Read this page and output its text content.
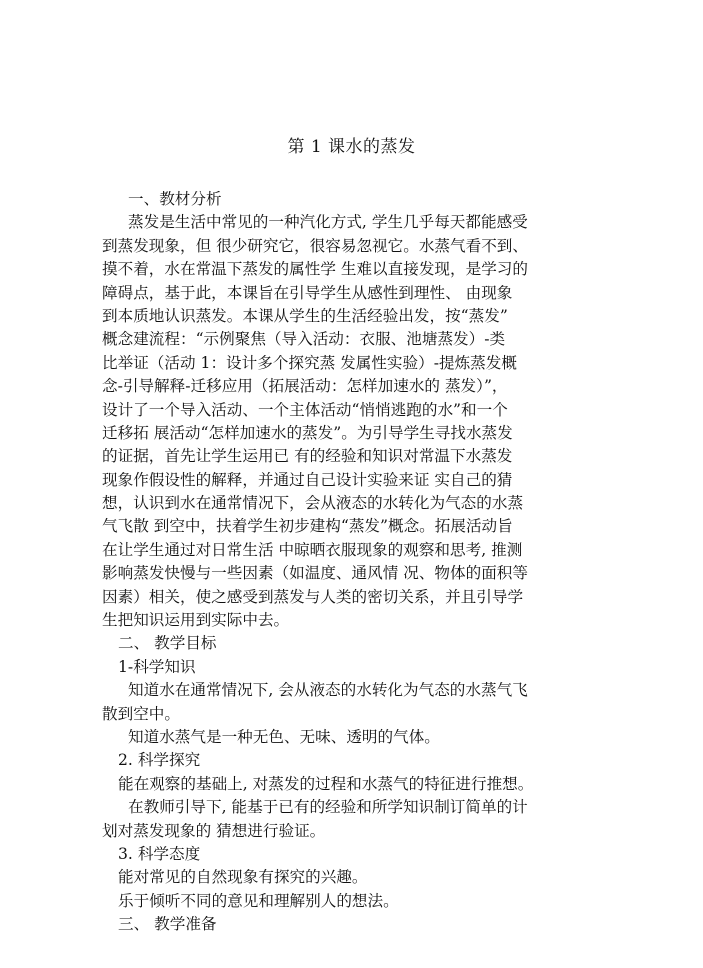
第 1 课水的蒸发
一、教材分析
蒸发是生活中常见的一种汽化方式, 学生几乎每天都能感受
到蒸发现象，但 很少研究它，很容易忽视它。水蒸气看不到、
摸不着，水在常温下蒸发的属性学 生难以直接发现，是学习的
障碍点，基于此，本课旨在引导学生从感性到理性、 由现象
到本质地认识蒸发。本课从学生的生活经验出发，按“蒸发”
概念建流程：“示例聚焦（导入活动：衣服、池塘蒸发）-类
比举证（活动 1：设计多个探究蒸 发属性实验）-提炼蒸发概
念-引导解释-迁移应用（拓展活动：怎样加速水的 蒸发）”，
设计了一个导入活动、一个主体活动“悄悄逃跑的水”和一个
迁移拓 展活动“怎样加速水的蒸发”。为引导学生寻找水蒸发
的证据，首先让学生运用已 有的经验和知识对常温下水蒸发
现象作假设性的解释，并通过自己设计实验来证 实自己的猜
想，认识到水在通常情况下，会从液态的水转化为气态的水蒸
气飞散 到空中，扶着学生初步建构“蒸发”概念。拓展活动旨
在让学生通过对日常生活 中晾晒衣服现象的观察和思考, 推测
影响蒸发快慢与一些因素（如温度、通风情 况、物体的面积等
因素）相关，使之感受到蒸发与人类的密切关系，并且引导学
生把知识运用到实际中去。
二、 教学目标
1-科学知识
知道水在通常情况下, 会从液态的水转化为气态的水蒸气飞
散到空中。
知道水蒸气是一种无色、无味、透明的气体。
2. 科学探究
能在观察的基础上, 对蒸发的过程和水蒸气的特征进行推想。
在教师引导下, 能基于已有的经验和所学知识制订简单的计
划对蒸发现象的 猜想进行验证。
3. 科学态度
能对常见的自然现象有探究的兴趣。
乐于倾听不同的意见和理解别人的想法。
三、 教学准备
